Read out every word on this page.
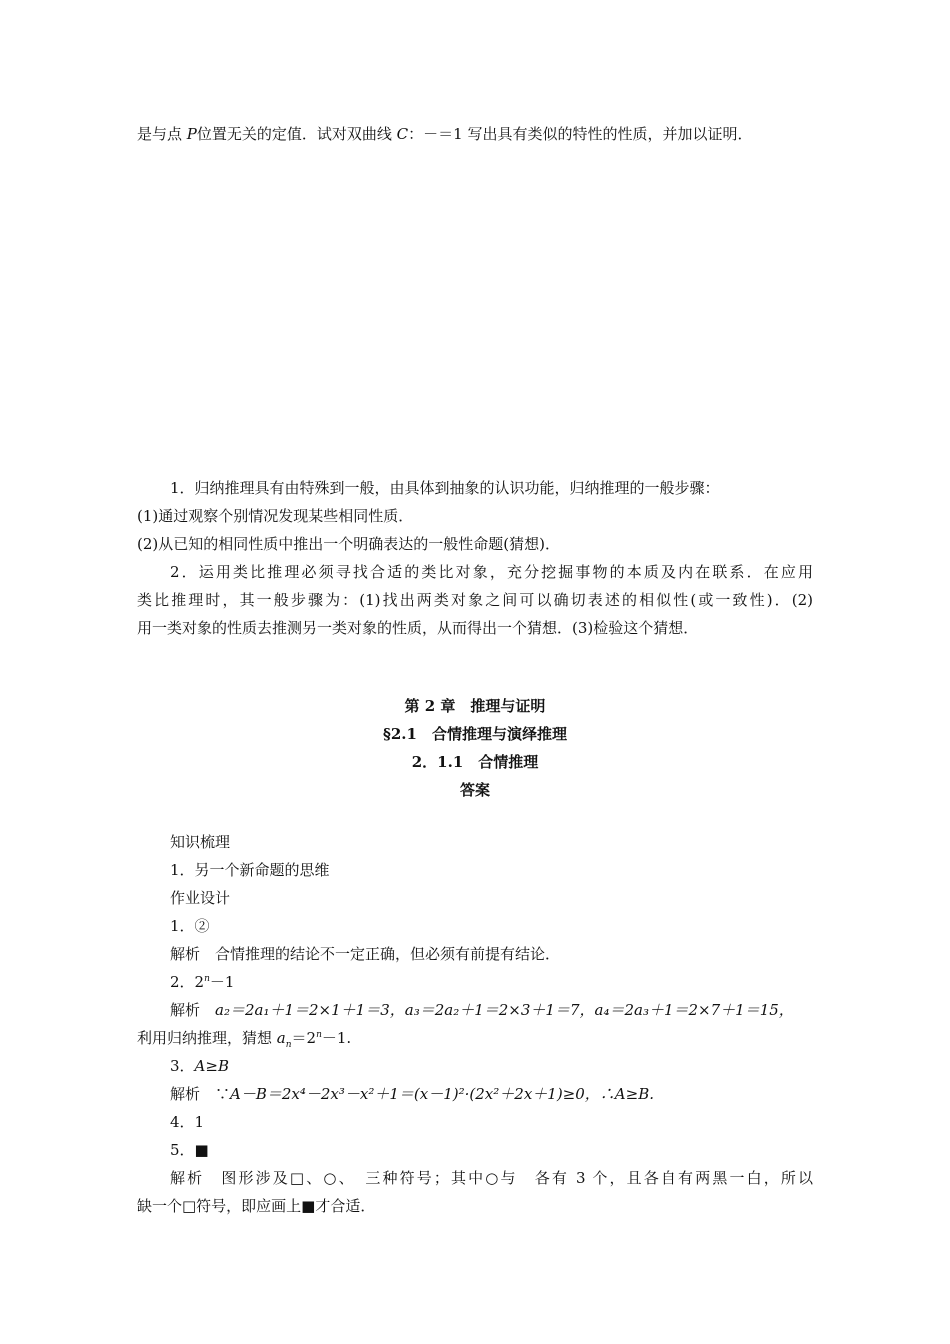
是与点 P位置无关的定值．试对双曲线 C：－＝1 写出具有类似的特性的性质，并加以证明．
1．归纳推理具有由特殊到一般，由具体到抽象的认识功能，归纳推理的一般步骤：
(1)通过观察个别情况发现某些相同性质．
(2)从已知的相同性质中推出一个明确表达的一般性命题(猜想)．
2．运用类比推理必须寻找合适的类比对象，充分挖掘事物的本质及内在联系．在应用
类比推理时，其一般步骤为：(1)找出两类对象之间可以确切表述的相似性(或一致性)．(2)
用一类对象的性质去推测另一类对象的性质，从而得出一个猜想．(3)检验这个猜想．
第 2 章　推理与证明
§2.1　合情推理与演绎推理
2．1.1　合情推理
答案
知识梳理
1．另一个新命题的思维
作业设计
1．②
解析　合情推理的结论不一定正确，但必须有前提有结论．
2．$2^n-1$
解析　a₂＝2a₁＋1＝2×1＋1＝3，a₃＝2a₂＋1＝2×3＋1＝7，a₄＝2a₃＋1＝2×7＋1＝15，
利用归纳推理，猜想 $a_n=2^n-1$.
3．A≥B
解析　∵A－B＝2x⁴－2x³－x²＋1＝(x－1)²·(2x²＋2x＋1)≥0，∴A≥B.
4．1
5．■
解析　图形涉及□、○、　三种符号；其中○与　各有 3 个，且各自有两黑一白，所以
缺一个□符号，即应画上■才合适．
